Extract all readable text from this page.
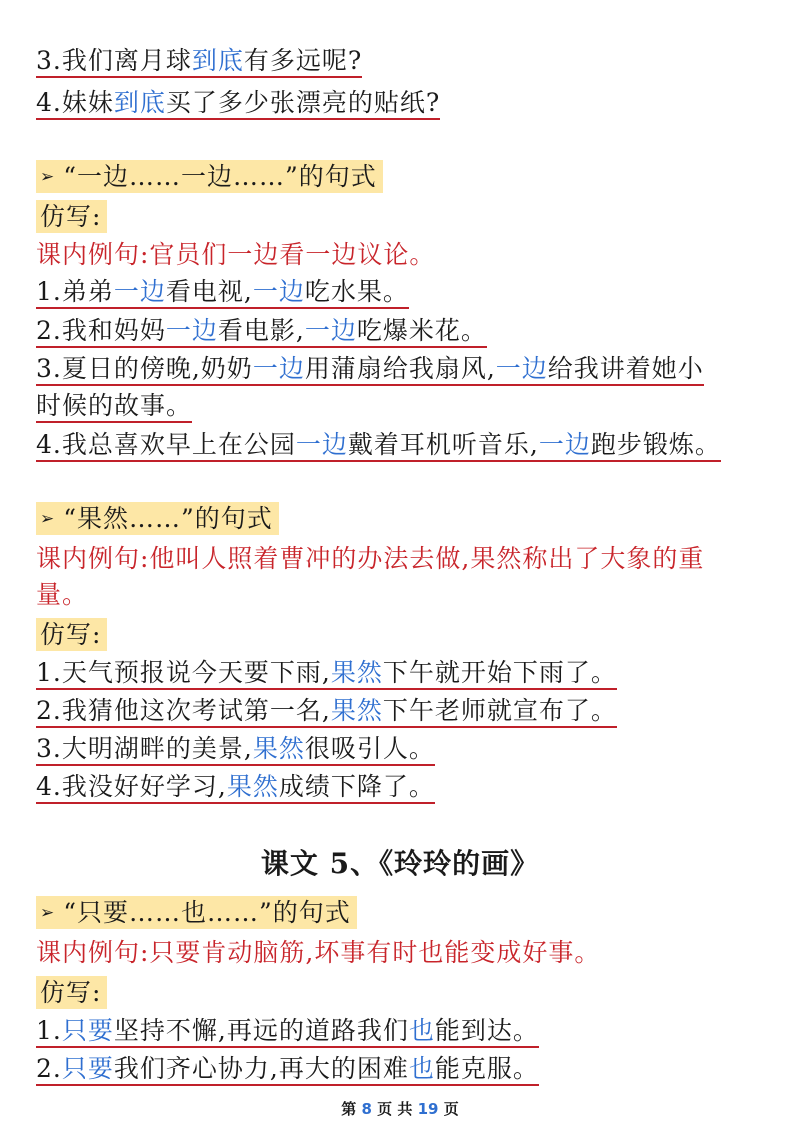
3.我们离月球到底有多远呢?
4.妹妹到底买了多少张漂亮的贴纸?
➢ “一边……一边……”的句式
仿写:
课内例句:官员们一边看一边议论。
1.弟弟一边看电视,一边吃水果。
2.我和妈妈一边看电影,一边吃爆米花。
3.夏日的傍晚,奶奶一边用蒲扇给我扇风,一边给我讲着她小
时候的故事。
4.我总喜欢早上在公园一边戴着耳机听音乐,一边跑步锻炼。
➢ “果然……”的句式
课内例句:他叫人照着曹冲的办法去做,果然称出了大象的重
量。
仿写:
1.天气预报说今天要下雨,果然下午就开始下雨了。
2.我猜他这次考试第一名,果然下午老师就宣布了。
3.大明湖畔的美景,果然很吸引人。
4.我没好好学习,果然成绩下降了。
课文 5、《玲玲的画》
➢ “只要……也……”的句式
课内例句:只要肯动脑筋,坏事有时也能变成好事。
仿写:
1.只要坚持不懈,再远的道路我们也能到达。
2.只要我们齐心协力,再大的困难也能克服。
第 8 页 共 19 页
